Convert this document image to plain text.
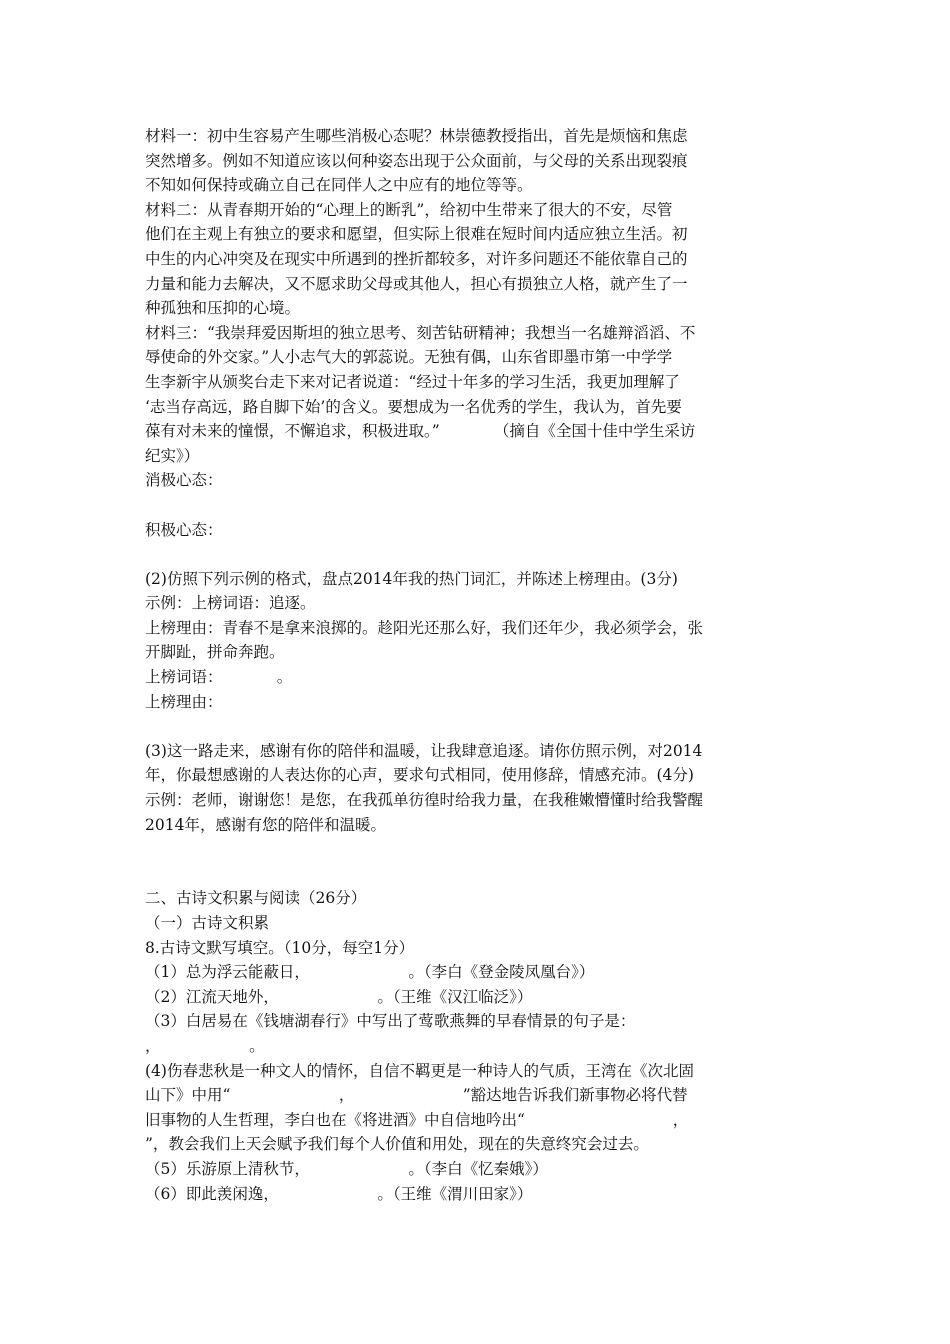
材料一：初中生容易产生哪些消极心态呢？林崇德教授指出，首先是烦恼和焦虑

突然增多。例如不知道应该以何种姿态出现于公众面前，与父母的关系出现裂痕

不知如何保持或确立自己在同伴人之中应有的地位等等。

材料二：从青春期开始的“心理上的断乳”，给初中生带来了很大的不安，尽管

他们在主观上有独立的要求和愿望，但实际上很难在短时间内适应独立生活。初

中生的内心冲突及在现实中所遇到的挫折都较多，对许多问题还不能依靠自己的

力量和能力去解决，又不愿求助父母或其他人，担心有损独立人格，就产生了一

种孤独和压抑的心境。

材料三：“我崇拜爱因斯坦的独立思考、刻苦钻研精神；我想当一名雄辩滔滔、不

辱使命的外交家。”人小志气大的郭蕊说。无独有偶，山东省即墨市第一中学学

生李新宇从颁奖台走下来对记者说道：“经过十年多的学习生活，我更加理解了

‘志当存高远，路自脚下始’的含义。要想成为一名优秀的学生，我认为，首先要

葆有对未来的憧憬，不懈追求，积极进取。”           （摘自《全国十佳中学生采访

纪实》）

消极心态：

积极心态：

(2)仿照下列示例的格式，盘点2014年我的热门词汇，并陈述上榜理由。(3分)

示例：上榜词语：追逐。

上榜理由：青春不是拿来浪掷的。趁阳光还那么好，我们还年少，我必须学会，张

开脚趾，拼命奔跑。

上榜词语：           。

上榜理由：

(3)这一路走来，感谢有你的陪伴和温暖，让我肆意追逐。请你仿照示例，对2014

年，你最想感谢的人表达你的心声，要求句式相同，使用修辞，情感充沛。(4分)

示例：老师，谢谢您！是您，在我孤单彷徨时给我力量，在我稚嫩懵懂时给我警醒

2014年，感谢有您的陪伴和温暖。

二、古诗文积累与阅读（26分）

（一）古诗文积累

8.古诗文默写填空。（10分，每空1分）

（1）总为浮云能蔽日，                    。（李白《登金陵凤凰台》）

（2）江流天地外，                    。（王维《汉江临泛》）

（3）白居易在《钱塘湖春行》中写出了莺歌燕舞的早春情景的句子是：

，                  。

(4)伤春悲秋是一种文人的情怀，自信不羁更是一种诗人的气质，王湾在《次北固

山下》中用“                      ，                      ”豁达地告诉我们新事物必将代替

旧事物的人生哲理，李白也在《将进酒》中自信地吟出“                              ，

”，教会我们上天会赋予我们每个人价值和用处，现在的失意终究会过去。

（5）乐游原上清秋节，                    。（李白《忆秦娥》）

（6）即此羡闲逸，                    。（王维《渭川田家》）
